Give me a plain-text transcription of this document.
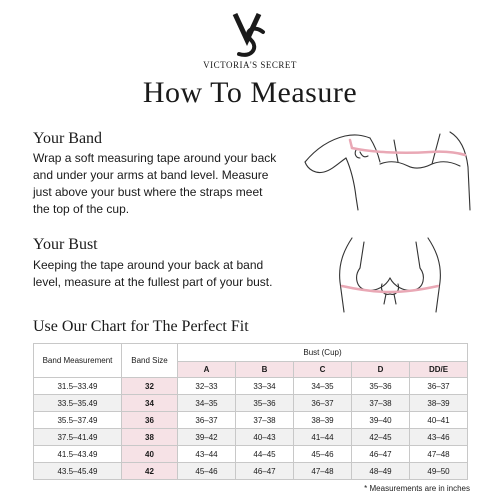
VICTORIA'S SECRET
How To Measure
Your Band
Wrap a soft measuring tape around your back
and under your arms at band level. Measure
just above your bust where the straps meet
the top of the cup.
Your Bust
Keeping the tape around your back at band
level, measure at the fullest part of your bust.
Use Our Chart for The Perfect Fit
Band Measurement	Band Size	Bust (Cup)				
		A	B	C	D	DD/E
31.5–33.49	32	32–33	33–34	34–35	35–36	36–37
33.5–35.49	34	34–35	35–36	36–37	37–38	38–39
35.5–37.49	36	36–37	37–38	38–39	39–40	40–41
37.5–41.49	38	39–42	40–43	41–44	42–45	43–46
41.5–43.49	40	43–44	44–45	45–46	46–47	47–48
43.5–45.49	42	45–46	46–47	47–48	48–49	49–50
* Measurements are in inches
